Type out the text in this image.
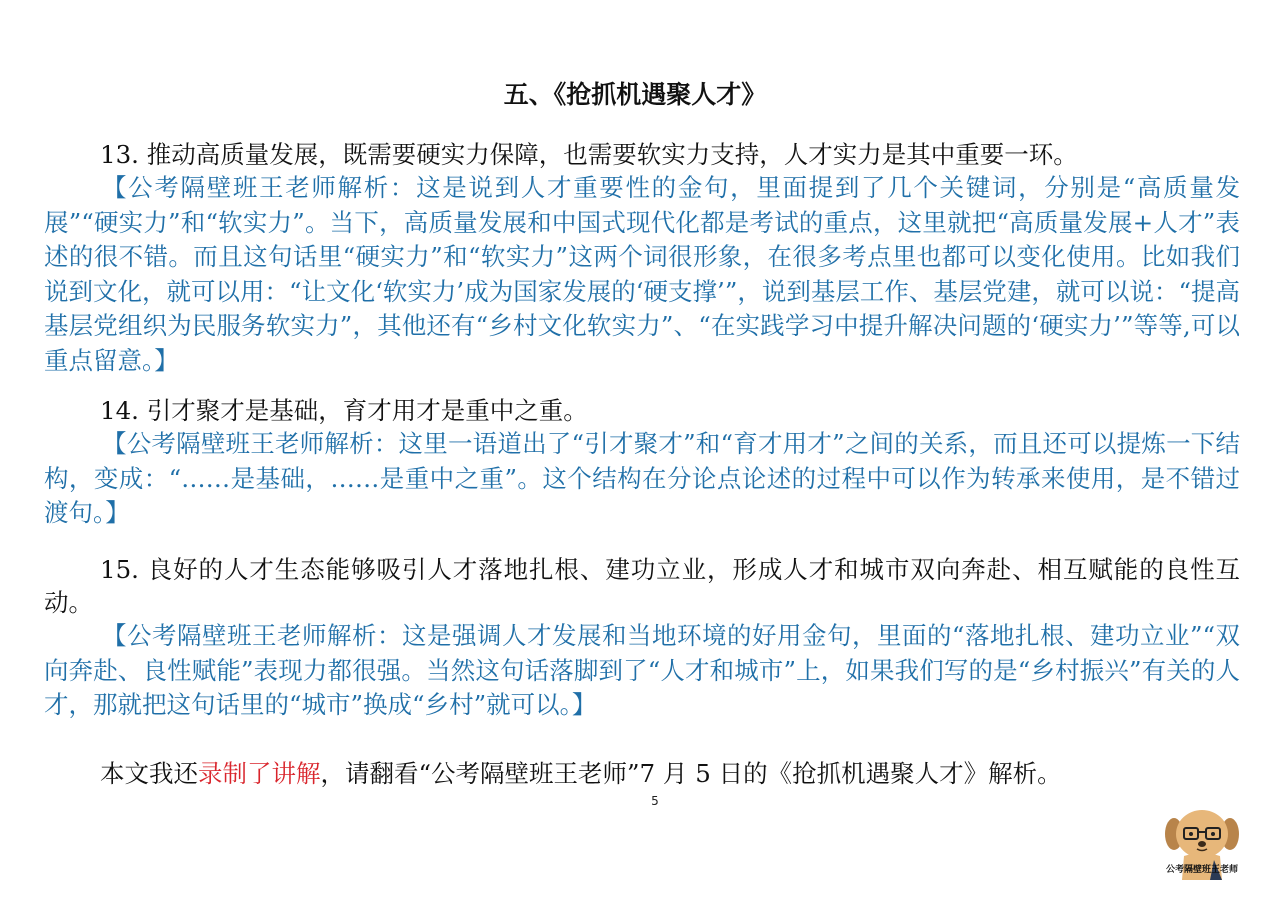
五、《抢抓机遇聚人才》

13. 推动高质量发展，既需要硬实力保障，也需要软实力支持，人才实力是其中重要一环。

【公考隔壁班王老师解析：这是说到人才重要性的金句，里面提到了几个关键词，分别是“高质量发展”“硬实力”和“软实力”。当下，高质量发展和中国式现代化都是考试的重点，这里就把“高质量发展+人才”表述的很不错。而且这句话里“硬实力”和“软实力”这两个词很形象，在很多考点里也都可以变化使用。比如我们说到文化，就可以用：“让文化‘软实力’成为国家发展的‘硬支撑’”，说到基层工作、基层党建，就可以说：“提高基层党组织为民服务软实力”，其他还有“乡村文化软实力”、“在实践学习中提升解决问题的‘硬实力’”等等,可以重点留意。】

14. 引才聚才是基础，育才用才是重中之重。

【公考隔壁班王老师解析：这里一语道出了“引才聚才”和“育才用才”之间的关系，而且还可以提炼一下结构，变成：“……是基础，……是重中之重”。这个结构在分论点论述的过程中可以作为转承来使用，是不错过渡句。】

15. 良好的人才生态能够吸引人才落地扎根、建功立业，形成人才和城市双向奔赴、相互赋能的良性互动。

【公考隔壁班王老师解析：这是强调人才发展和当地环境的好用金句，里面的“落地扎根、建功立业”“双向奔赴、良性赋能”表现力都很强。当然这句话落脚到了“人才和城市”上，如果我们写的是“乡村振兴”有关的人才，那就把这句话里的“城市”换成“乡村”就可以。】

本文我还录制了讲解，请翻看“公考隔壁班王老师”7 月 5 日的《抢抓机遇聚人才》解析。
5
公考隔壁班王老师
